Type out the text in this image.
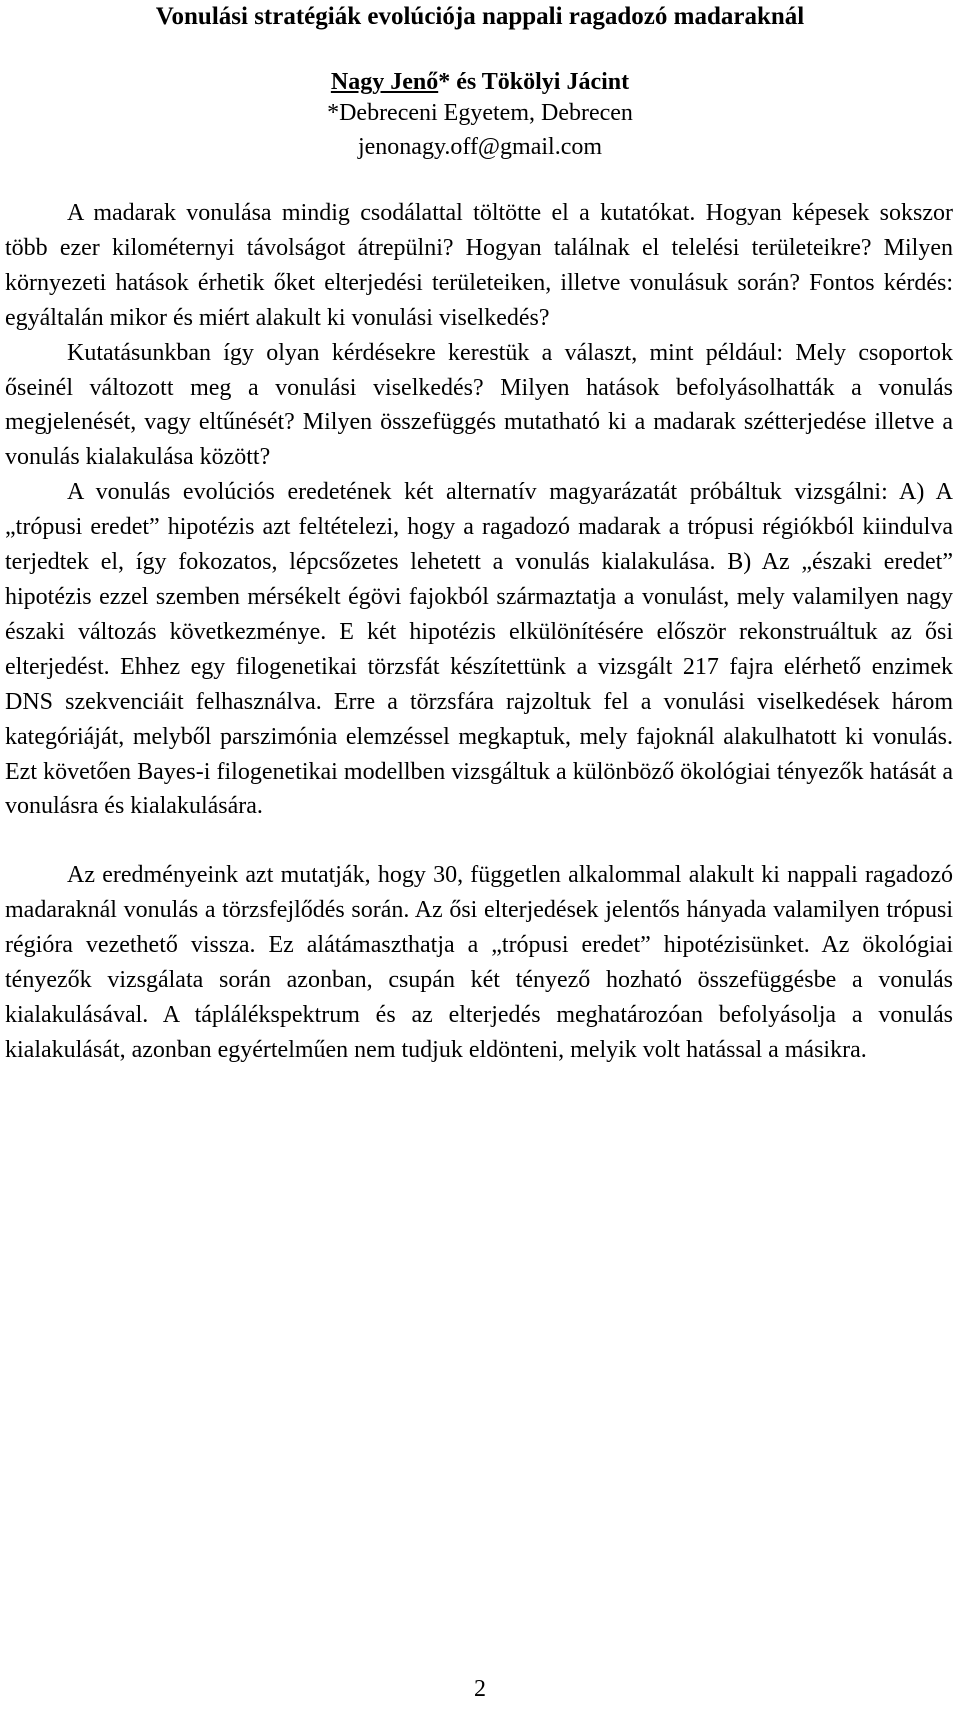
Vonulási stratégiák evolúciója nappali ragadozó madaraknál
Nagy Jenő* és Tökölyi Jácint
*Debreceni Egyetem, Debrecen
jenonagy.off@gmail.com

A madarak vonulása mindig csodálattal töltötte el a kutatókat. Hogyan képesek sokszor több ezer kilométernyi távolságot átrepülni? Hogyan találnak el telelési területeikre? Milyen környezeti hatások érhetik őket elterjedési területeiken, illetve vonulásuk során? Fontos kérdés: egyáltalán mikor és miért alakult ki vonulási viselkedés?

Kutatásunkban így olyan kérdésekre kerestük a választ, mint például: Mely csoportok őseinél változott meg a vonulási viselkedés? Milyen hatások befolyásolhatták a vonulás megjelenését, vagy eltűnését? Milyen összefüggés mutatható ki a madarak szétterjedése illetve a vonulás kialakulása között?

A vonulás evolúciós eredetének két alternatív magyarázatát próbáltuk vizsgálni: A) A „trópusi eredet” hipotézis azt feltételezi, hogy a ragadozó madarak a trópusi régiókból kiindulva terjedtek el, így fokozatos, lépcsőzetes lehetett a vonulás kialakulása. B) Az „északi eredet” hipotézis ezzel szemben mérsékelt égövi fajokból származtatja a vonulást, mely valamilyen nagy északi változás következménye. E két hipotézis elkülönítésére először rekonstruáltuk az ősi elterjedést. Ehhez egy filogenetikai törzsfát készítettünk a vizsgált 217 fajra elérhető enzimek DNS szekvenciáit felhasználva. Erre a törzsfára rajzoltuk fel a vonulási viselkedések három kategóriáját, melyből parszimónia elemzéssel megkaptuk, mely fajoknál alakulhatott ki vonulás. Ezt követően Bayes-i filogenetikai modellben vizsgáltuk a különböző ökológiai tényezők hatását a vonulásra és kialakulására.

Az eredményeink azt mutatják, hogy 30, független alkalommal alakult ki nappali ragadozó madaraknál vonulás a törzsfejlődés során. Az ősi elterjedések jelentős hányada valamilyen trópusi régióra vezethető vissza. Ez alátámaszthatja a „trópusi eredet” hipotézisünket. Az ökológiai tényezők vizsgálata során azonban, csupán két tényező hozható összefüggésbe a vonulás kialakulásával. A táplálékspektrum és az elterjedés meghatározóan befolyásolja a vonulás kialakulását, azonban egyértelműen nem tudjuk eldönteni, melyik volt hatással a másikra.

2
